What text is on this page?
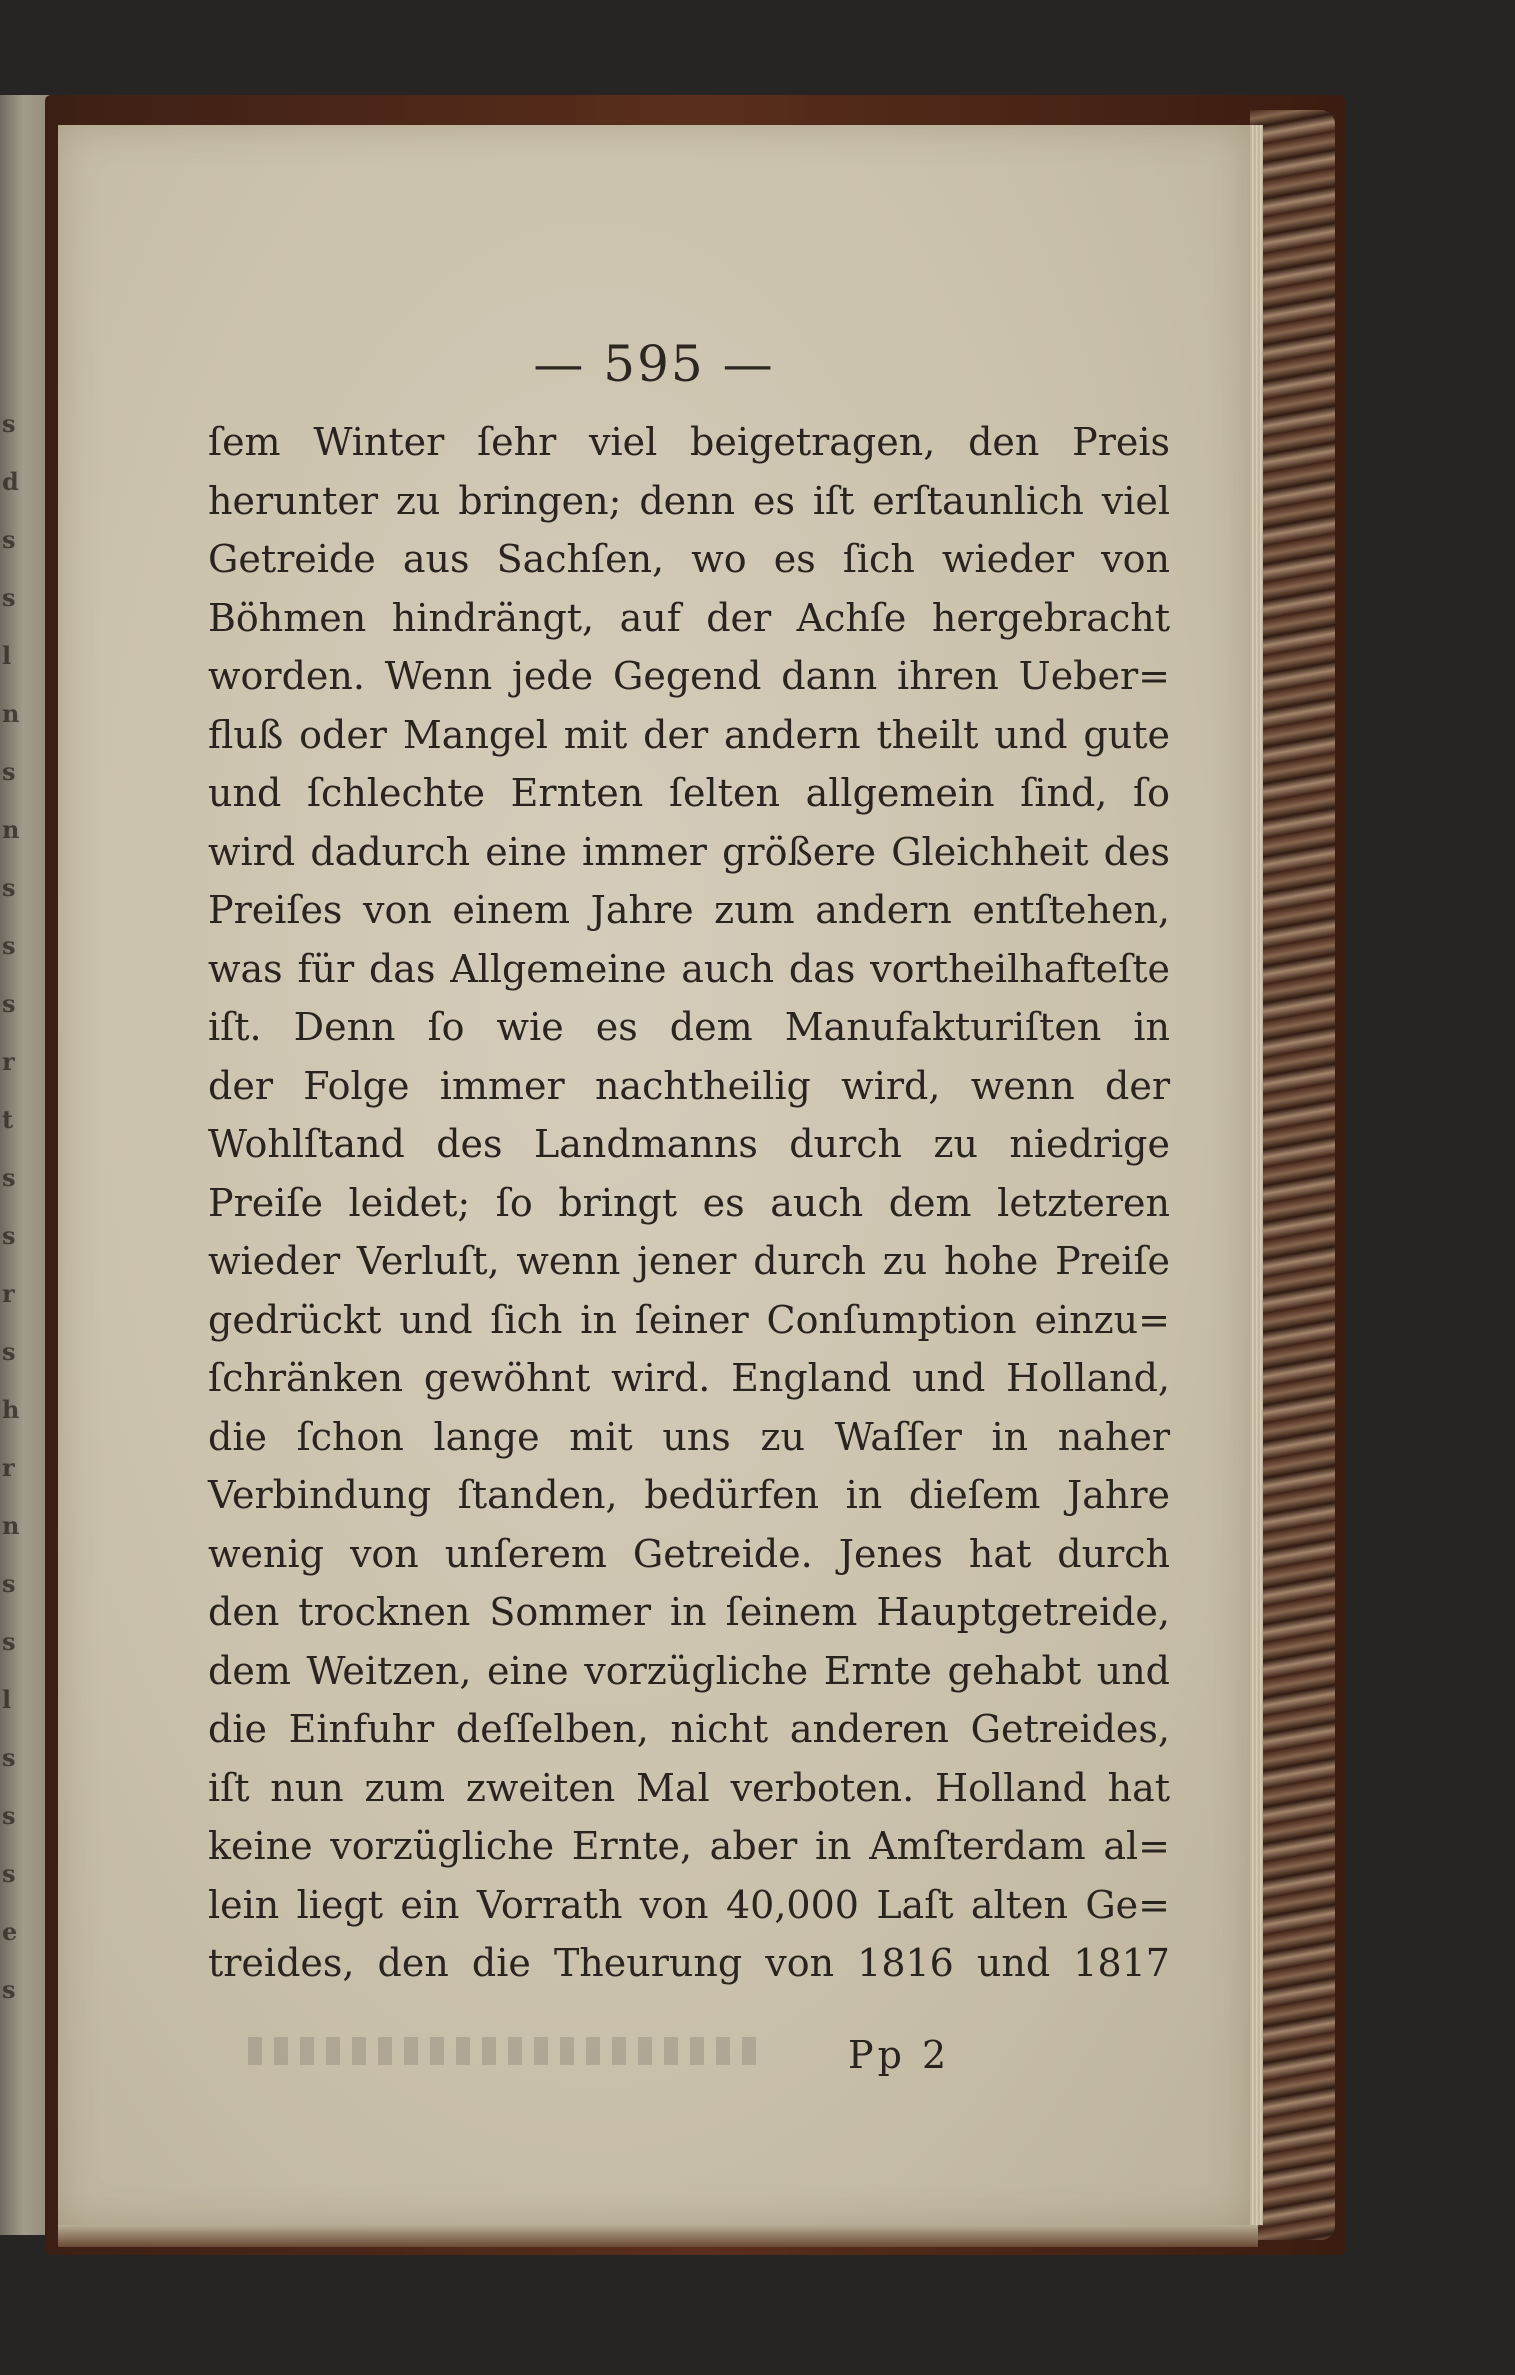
s
d
s
s
l
n
s
n
s
s
s
r
t
s
s
r
s
h
r
n
s
s
l
s
s
s
e
s
— 595 —
ſem Winter ſehr viel beigetragen, den Preis
herunter zu bringen; denn es iſt erſtaunlich viel
Getreide aus Sachſen, wo es ſich wieder von
Böhmen hindrängt, auf der Achſe hergebracht
worden. Wenn jede Gegend dann ihren Ueber=
fluß oder Mangel mit der andern theilt und gute
und ſchlechte Ernten ſelten allgemein ſind, ſo
wird dadurch eine immer größere Gleichheit des
Preiſes von einem Jahre zum andern entſtehen,
was für das Allgemeine auch das vortheilhafteſte
iſt. Denn ſo wie es dem Manufakturiſten in
der Folge immer nachtheilig wird, wenn der
Wohlſtand des Landmanns durch zu niedrige
Preiſe leidet; ſo bringt es auch dem letzteren
wieder Verluſt, wenn jener durch zu hohe Preiſe
gedrückt und ſich in ſeiner Conſumption einzu=
ſchränken gewöhnt wird. England und Holland,
die ſchon lange mit uns zu Waſſer in naher
Verbindung ſtanden, bedürfen in dieſem Jahre
wenig von unſerem Getreide. Jenes hat durch
den trocknen Sommer in ſeinem Hauptgetreide,
dem Weitzen, eine vorzügliche Ernte gehabt und
die Einfuhr deſſelben, nicht anderen Getreides,
iſt nun zum zweiten Mal verboten. Holland hat
keine vorzügliche Ernte, aber in Amſterdam al=
lein liegt ein Vorrath von 40,000 Laſt alten Ge=
treides, den die Theurung von 1816 und 1817
Pp 2
